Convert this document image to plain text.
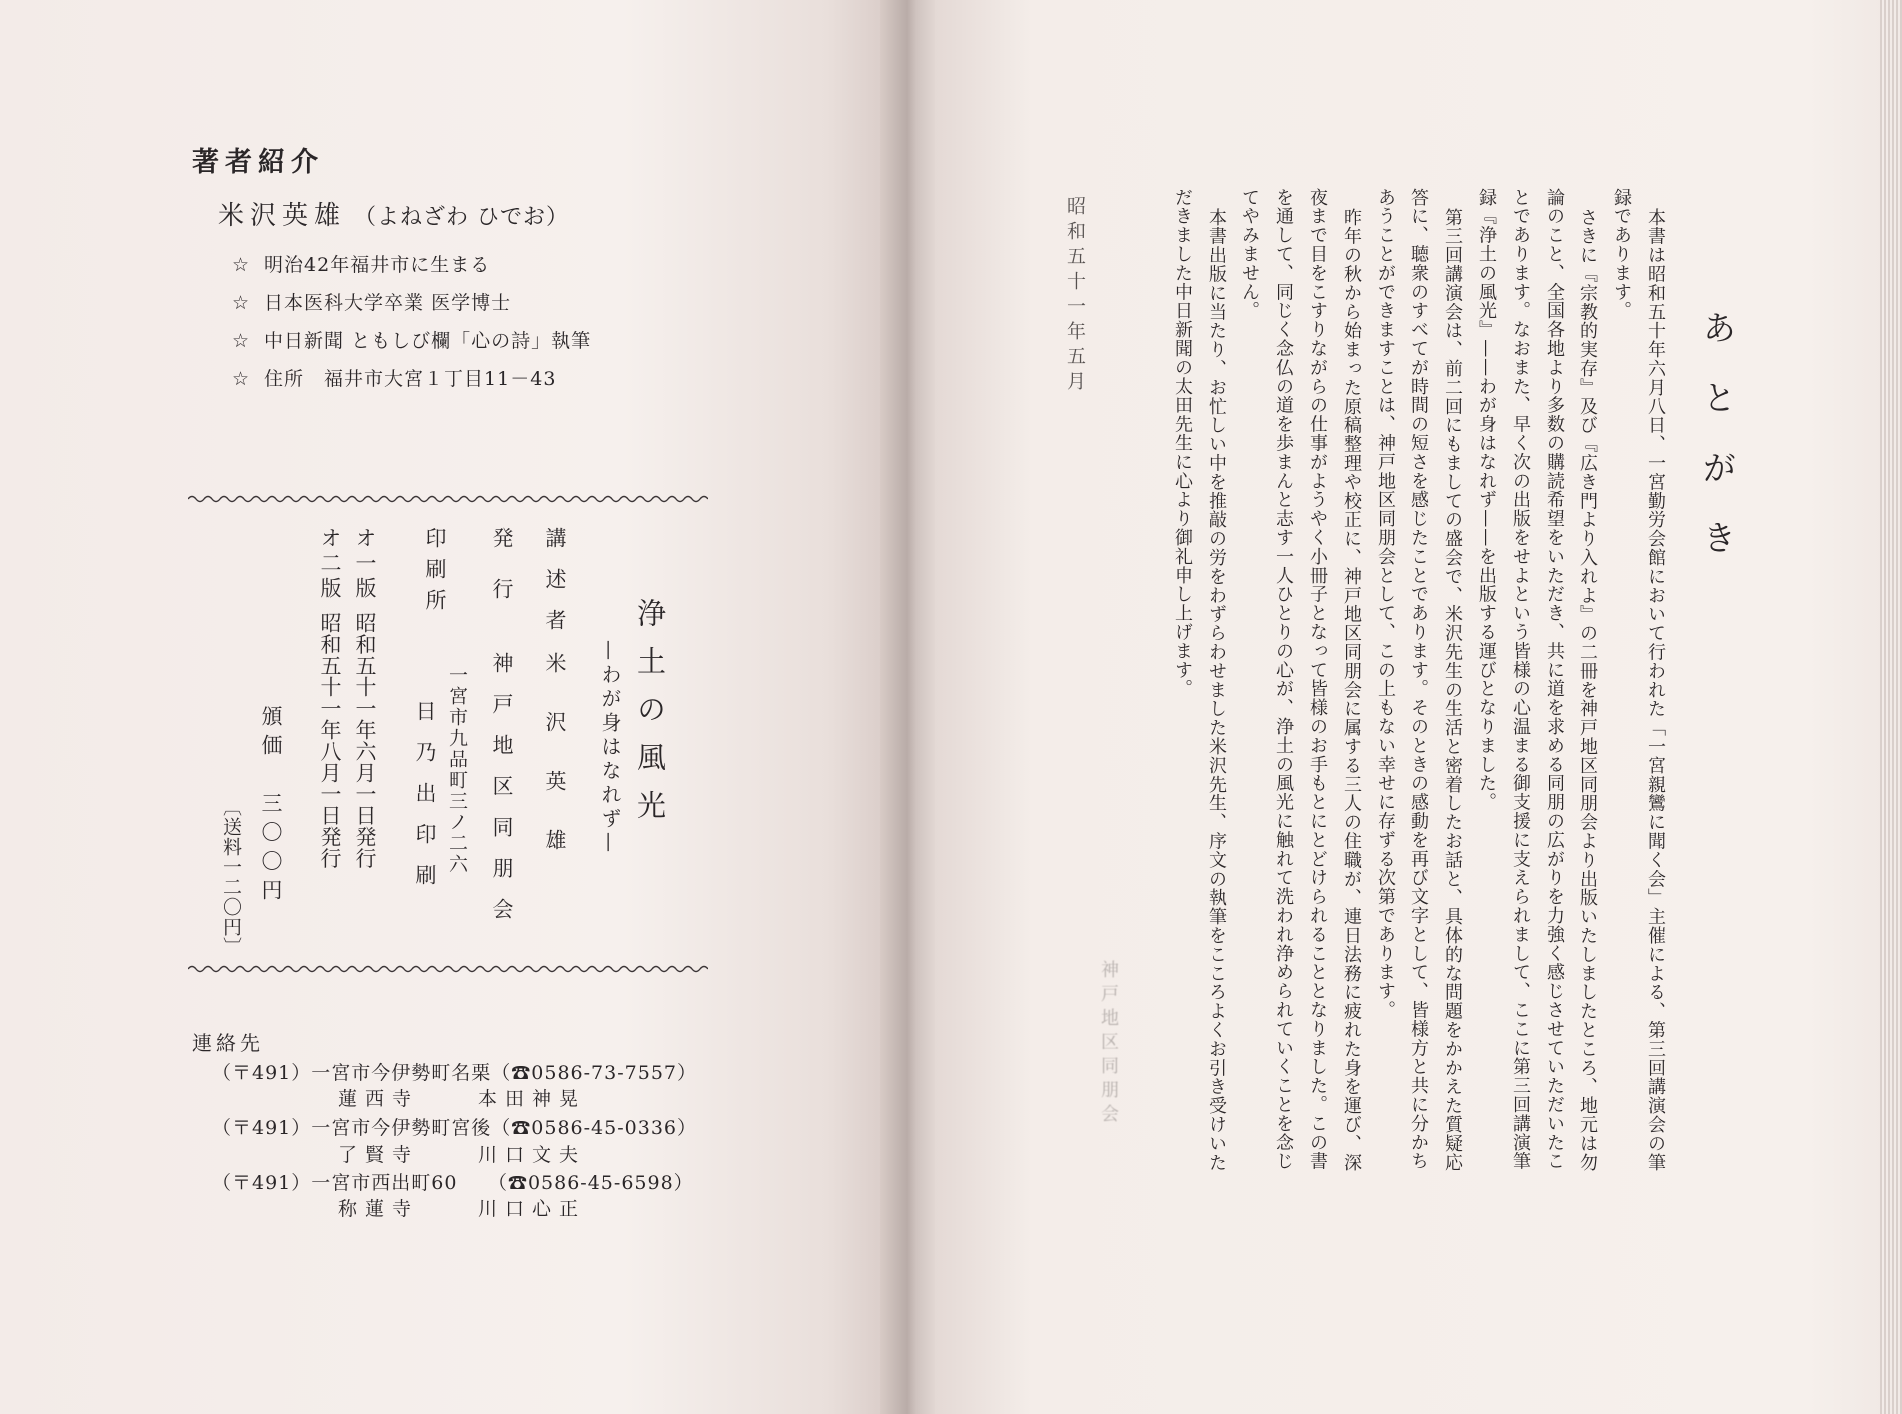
著者紹介
米沢英雄 （よねざわ ひでお）
☆ 明治42年福井市に生まる
☆ 日本医科大学卒業 医学博士
☆ 中日新聞 ともしび欄「心の詩」執筆
☆ 住所　福井市大宮１丁目11－43
浄土の風光
—わが身はなれず—
講述者
米沢英雄
発行
神戸地区同朋会
印刷所
一宮市九品町三ノ二六
日乃出印刷
オ一版
昭和五十一年六月一日発行
オ二版
昭和五十一年八月一日発行
頒価　三〇〇円
〔送料一二〇円〕
連絡先
（〒491）一宮市今伊勢町名栗（☎0586-73-7557）
蓮西寺	本田神晃
（〒491）一宮市今伊勢町宮後（☎0586-45-0336）
了賢寺	川口文夫
（〒491）一宮市西出町60　　（☎0586-45-6598）
称蓮寺	川口心正
あとがき
本書は昭和五十年六月八日、一宮勤労会館において行われた「一宮親鸞に聞く会」主催による、第三回講演会の筆
録であります。
さきに『宗教的実存』及び『広き門より入れよ』の二冊を神戸地区同朋会より出版いたしましたところ、地元は勿
論のこと、全国各地より多数の購読希望をいただき、共に道を求める同朋の広がりを力強く感じさせていただいたこ
とであります。なおまた、早く次の出版をせよという皆様の心温まる御支援に支えられまして、ここに第三回講演筆
録『浄土の風光』——わが身はなれず——を出版する運びとなりました。
第三回講演会は、前二回にもましての盛会で、米沢先生の生活と密着したお話と、具体的な問題をかかえた質疑応
答に、聴衆のすべてが時間の短さを感じたことであります。そのときの感動を再び文字として、皆様方と共に分かち
あうことができますことは、神戸地区同朋会として、この上もない幸せに存ずる次第であります。
昨年の秋から始まった原稿整理や校正に、神戸地区同朋会に属する三人の住職が、連日法務に疲れた身を運び、深
夜まで目をこすりながらの仕事がようやく小冊子となって皆様のお手もとにとどけられることとなりました。この書
を通して、同じく念仏の道を歩まんと志す一人ひとりの心が、浄土の風光に触れて洗われ浄められていくことを念じ
てやみません。
本書出版に当たり、お忙しい中を推敲の労をわずらわせました米沢先生、序文の執筆をこころよくお引き受けいた
だきました中日新聞の太田先生に心より御礼申し上げます。
昭和五十一年五月
神戸地区同朋会
